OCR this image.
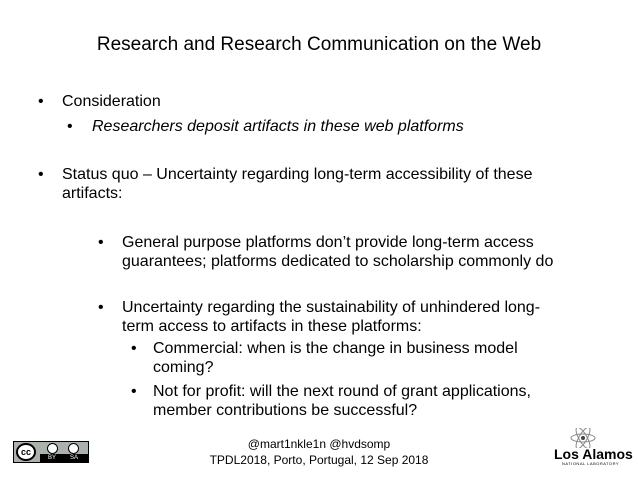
Research and Research Communication on the Web
• Consideration
• Researchers deposit artifacts in these web platforms
• Status quo – Uncertainty regarding long-term accessibility of these
artifacts:
• General purpose platforms don’t provide long-term access
guarantees; platforms dedicated to scholarship commonly do
• Uncertainty regarding the sustainability of unhindered long-
term access to artifacts in these platforms:
• Commercial: when is the change in business model
coming?
• Not for profit: will the next round of grant applications,
member contributions be successful?
cc
BY SA
@mart1nkle1n @hvdsomp
TPDL2018, Porto, Portugal, 12 Sep 2018	Los Alamos
NATIONAL LABORATORY
